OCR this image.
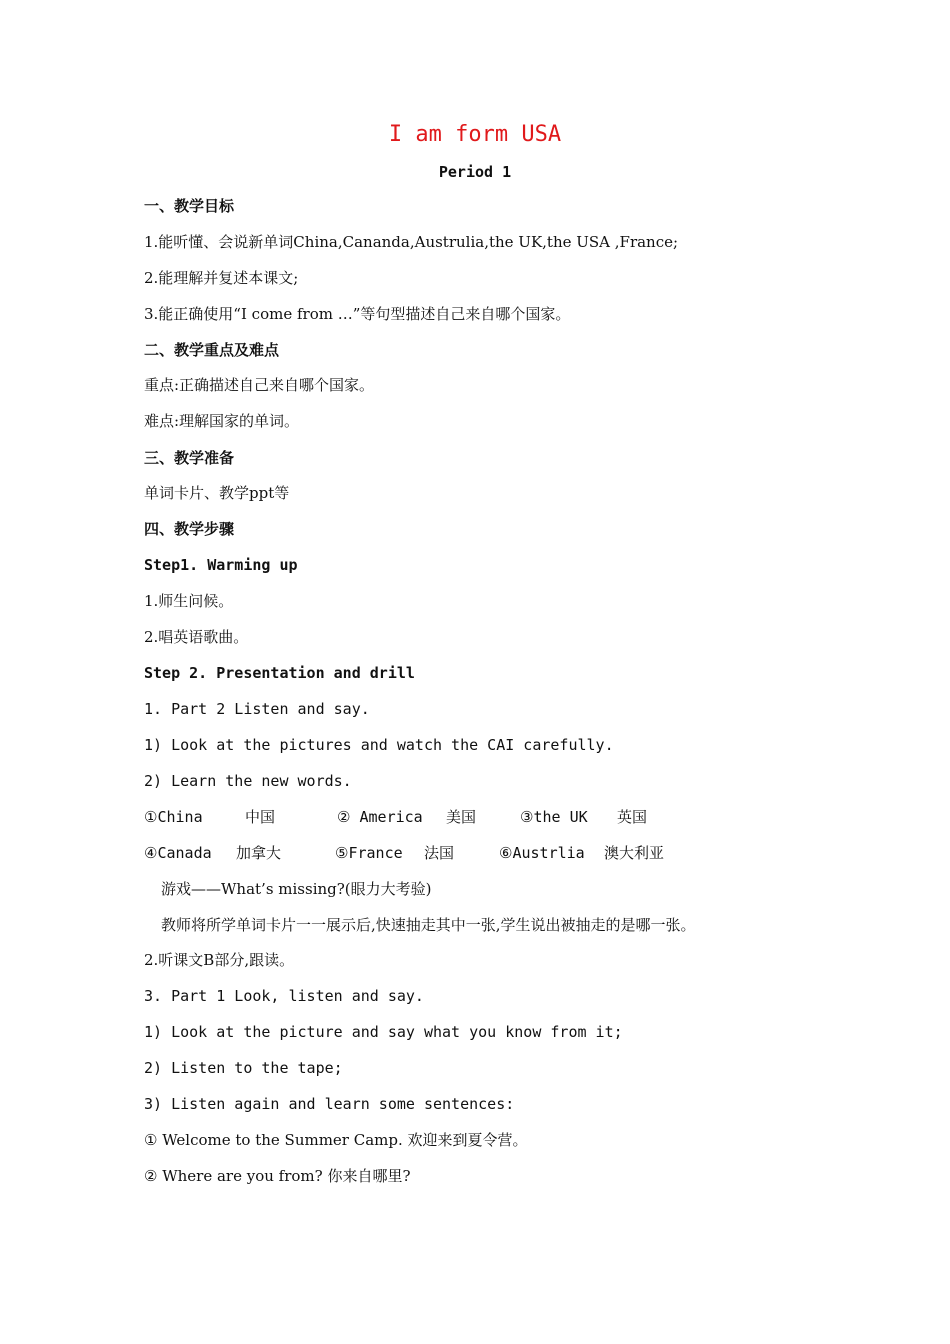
I am form USA
Period 1
一、教学目标
1.能听懂、会说新单词China,Cananda,Austrulia,the UK,the USA ,France;
2.能理解并复述本课文;
3.能正确使用“I come from …”等句型描述自己来自哪个国家。
二、教学重点及难点
重点:正确描述自己来自哪个国家。
难点:理解国家的单词。
三、教学准备
单词卡片、教学ppt等
四、教学步骤
Step1. Warming up
1.师生问候。
2.唱英语歌曲。
Step 2. Presentation and drill
1. Part 2 Listen and say.
1) Look at the pictures and watch the CAI carefully.
2) Learn the new words.
①China	中国	② America 美国	③the UK 英国
④Canada 加拿大	⑤France 法国	⑥Austrlia 澳大利亚
游戏——What’s missing?(眼力大考验)
教师将所学单词卡片一一展示后,快速抽走其中一张,学生说出被抽走的是哪一张。
2.听课文B部分,跟读。
3. Part 1 Look, listen and say.
1) Look at the picture and say what you know from it;
2) Listen to the tape;
3) Listen again and learn some sentences:
① Welcome to the Summer Camp. 欢迎来到夏令营。
② Where are you from? 你来自哪里?
